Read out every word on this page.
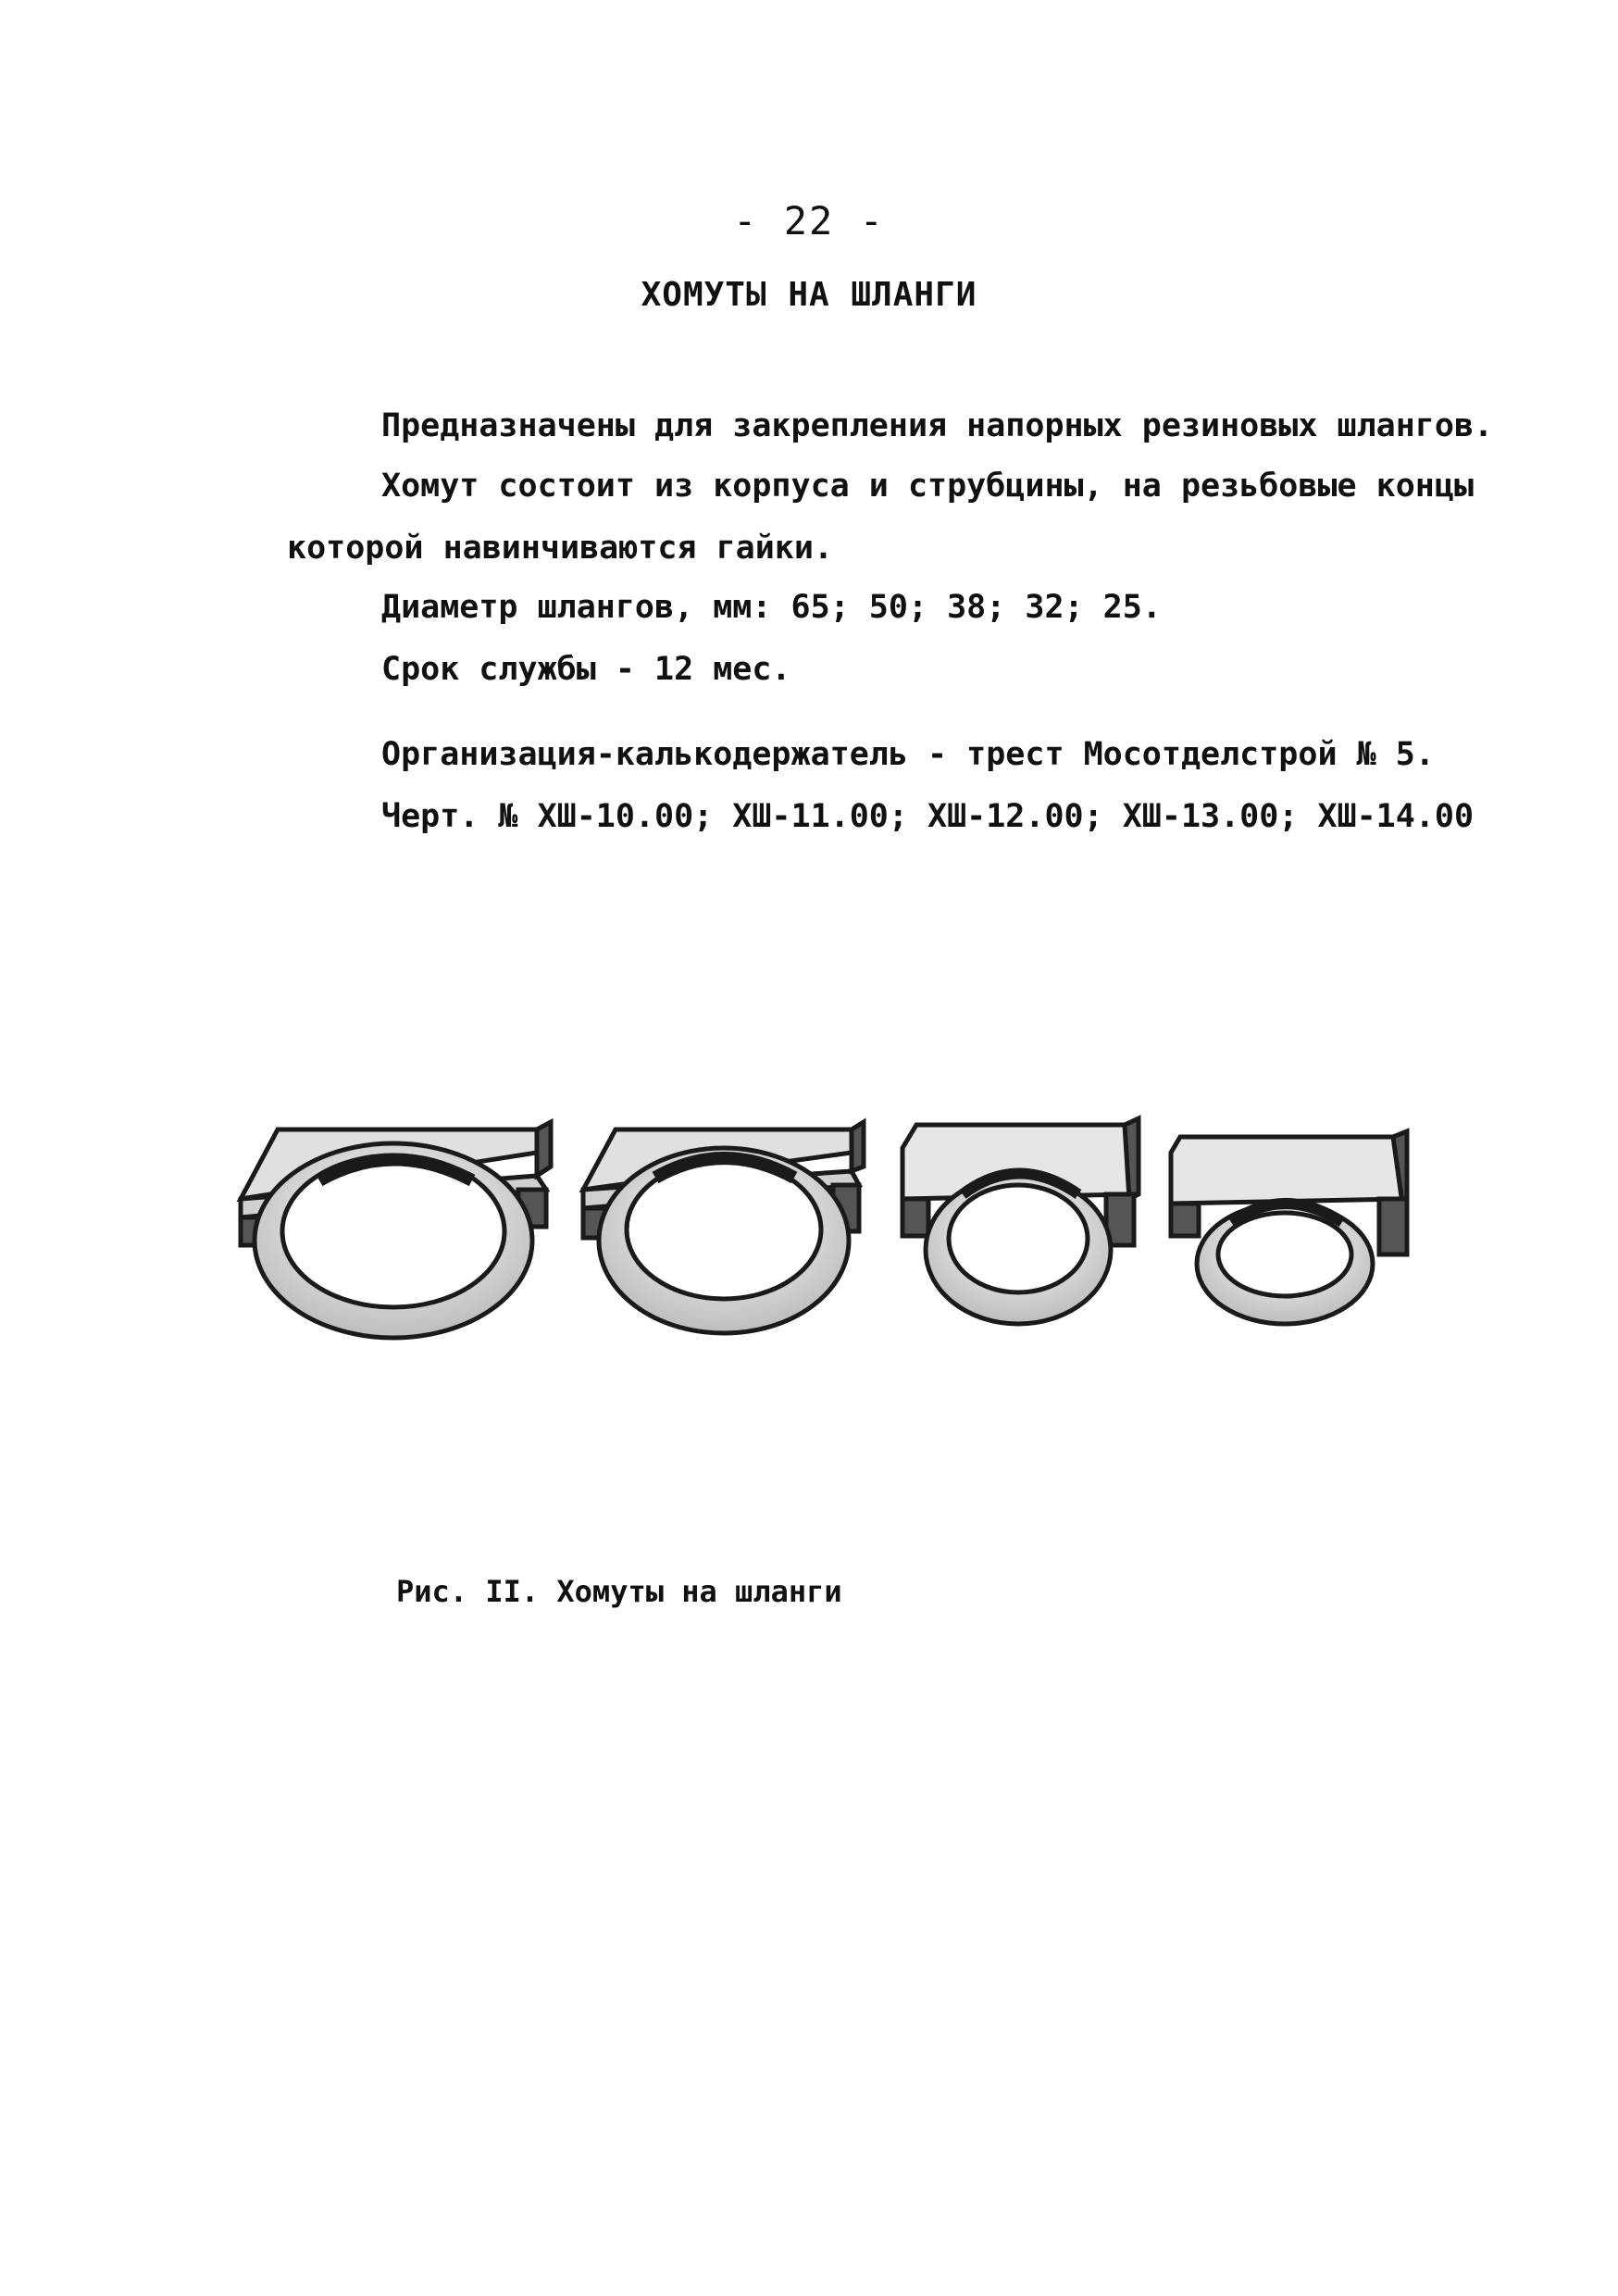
- 22 -
ХОМУТЫ НА ШЛАНГИ
Предназначены для закрепления напорных резиновых шлангов.
Хомут состоит из корпуса и струбцины, на резьбовые концы
которой навинчиваются гайки.
Диаметр шлангов, мм: 65; 50; 38; 32; 25.
Срок службы - 12 мес.
Организация-калькодержатель - трест Мосотделстрой № 5.
Черт. № ХШ-10.00; ХШ-11.00; ХШ-12.00; ХШ-13.00; ХШ-14.00
Рис. II. Хомуты на шланги
